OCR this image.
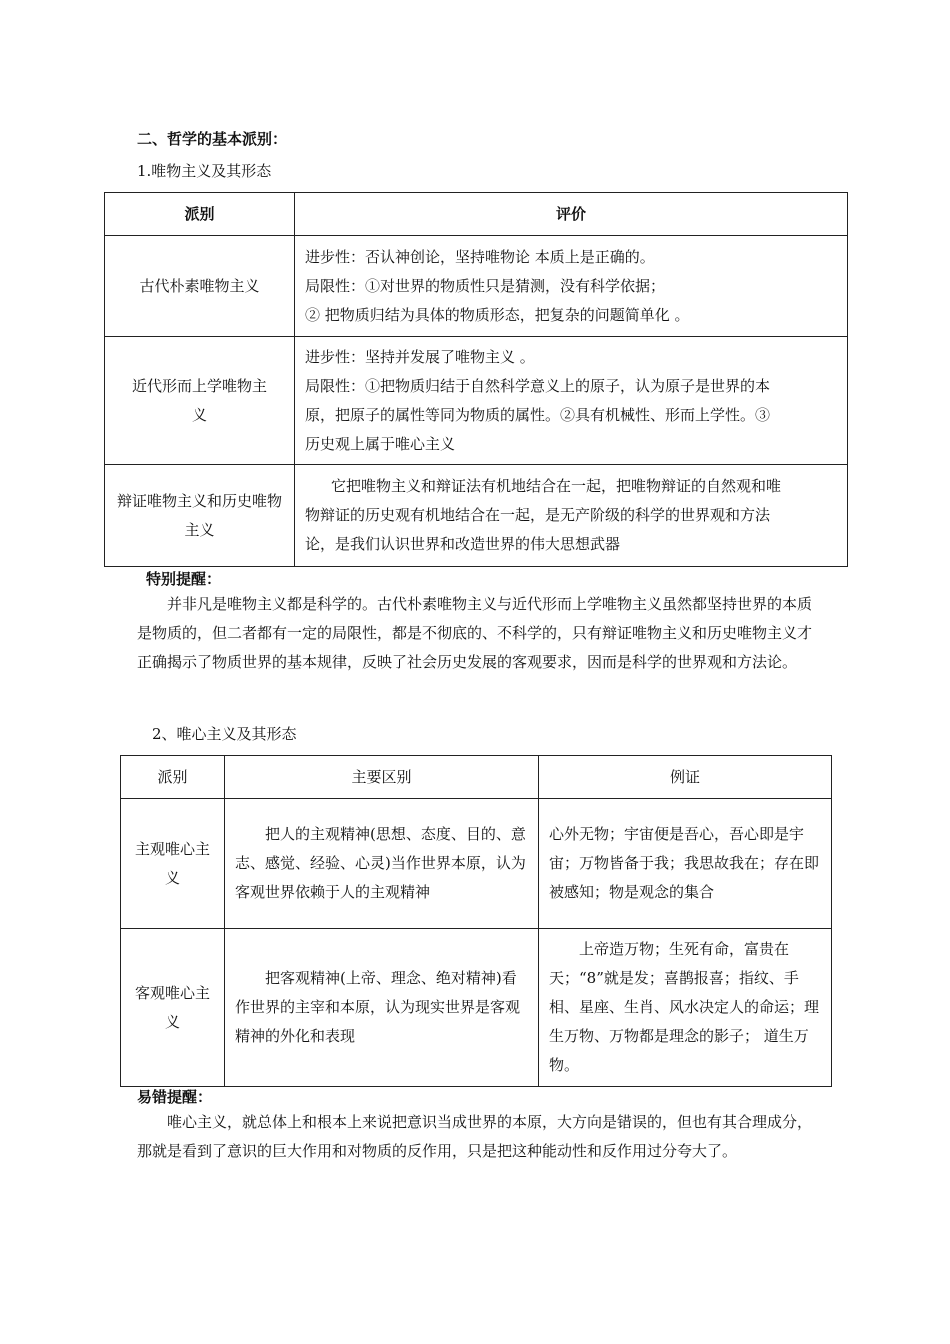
二、哲学的基本派别：
1.唯物主义及其形态
派别	评价
古代朴素唯物主义	进步性：否认神创论，坚持唯物论 本质上是正确的。
局限性：①对世界的物质性只是猜测，没有科学依据；
② 把物质归结为具体的物质形态，把复杂的问题简单化 。

近代形而上学唯物主义	进步性：坚持并发展了唯物主义 。
局限性：①把物质归结于自然科学意义上的原子，认为原子是世界的本
原，把原子的属性等同为物质的属性。②具有机械性、形而上学性。③
历史观上属于唯心主义

辩证唯物主义和历史唯物主义	它把唯物主义和辩证法有机地结合在一起，把唯物辩证的自然观和唯
物辩证的历史观有机地结合在一起，是无产阶级的科学的世界观和方法
论，是我们认识世界和改造世界的伟大思想武器
特别提醒：
并非凡是唯物主义都是科学的。古代朴素唯物主义与近代形而上学唯物主义虽然都坚持世界的本质是物质的，但二者都有一定的局限性，都是不彻底的、不科学的，只有辩证唯物主义和历史唯物主义才正确揭示了物质世界的基本规律，反映了社会历史发展的客观要求，因而是科学的世界观和方法论。
2、唯心主义及其形态
派别	主要区别	例证
主观唯心主义	把人的主观精神(思想、态度、目的、意志、感觉、经验、心灵)当作世界本原，认为客观世界依赖于人的主观精神	心外无物；宇宙便是吾心，吾心即是宇宙；万物皆备于我；我思故我在；存在即被感知；物是观念的集合
客观唯心主义	把客观精神(上帝、理念、绝对精神)看作世界的主宰和本原，认为现实世界是客观精神的外化和表现	上帝造万物；生死有命，富贵在天；“8”就是发；喜鹊报喜；指纹、手相、星座、生肖、风水决定人的命运；理生万物、万物都是理念的影子； 道生万物。
易错提醒：
唯心主义，就总体上和根本上来说把意识当成世界的本原，大方向是错误的，但也有其合理成分，那就是看到了意识的巨大作用和对物质的反作用，只是把这种能动性和反作用过分夸大了。
